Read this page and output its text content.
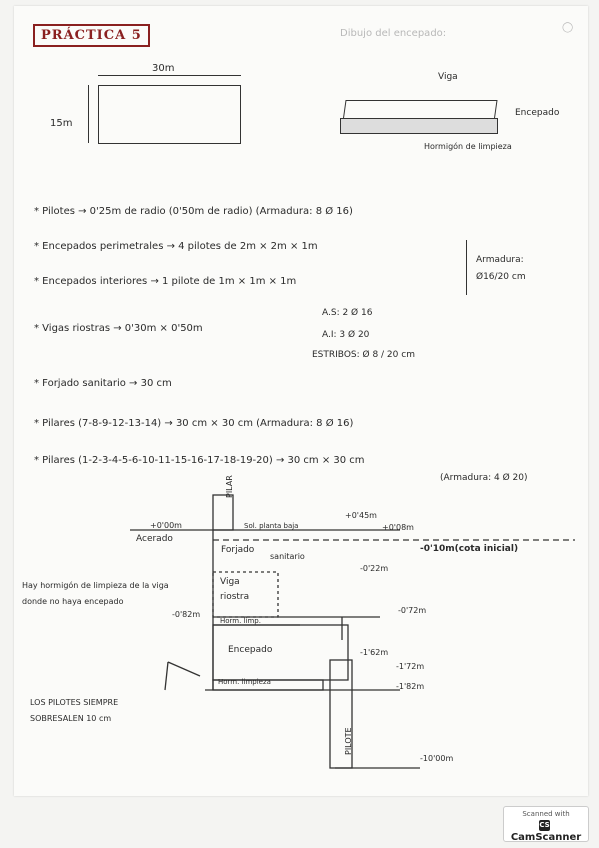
PRÁCTICA 5	Dibujo del encepado:
◯
30m
15m
Viga
Encepado
Hormigón de limpieza
* Pilotes → 0'25m de radio (0'50m de radio) (Armadura: 8 Ø 16)
* Encepados perimetrales → 4 pilotes de 2m × 2m × 1m
* Encepados interiores → 1 pilote de 1m × 1m × 1m
Armadura:
Ø16/20 cm
* Vigas riostras → 0'30m × 0'50m
A.S: 2 Ø 16
A.I: 3 Ø 20
ESTRIBOS: Ø 8 / 20 cm
* Forjado sanitario → 30 cm
* Pilares (7-8-9-12-13-14) → 30 cm × 30 cm (Armadura: 8 Ø 16)
* Pilares (1-2-3-4-5-6-10-11-15-16-17-18-19-20) → 30 cm × 30 cm
(Armadura: 4 Ø 20)
PILAR
+0'00m
Acerado
+0'45m
+0'08m
Sol. planta baja
Forjado
sanitario
-0'10m(cota inicial)
-0'22m
Viga
riostra
Hay hormigón de limpieza de la viga donde no haya encepado
-0'82m
Horm. limp.
-0'72m
Encepado	-1'62m
-1'72m
-1'82m
Horm. limpieza
PILOTE
LOS PILOTES SIEMPRE
SOBRESALEN 10 cm
-10'00m
Scanned with
CSCamScanner
